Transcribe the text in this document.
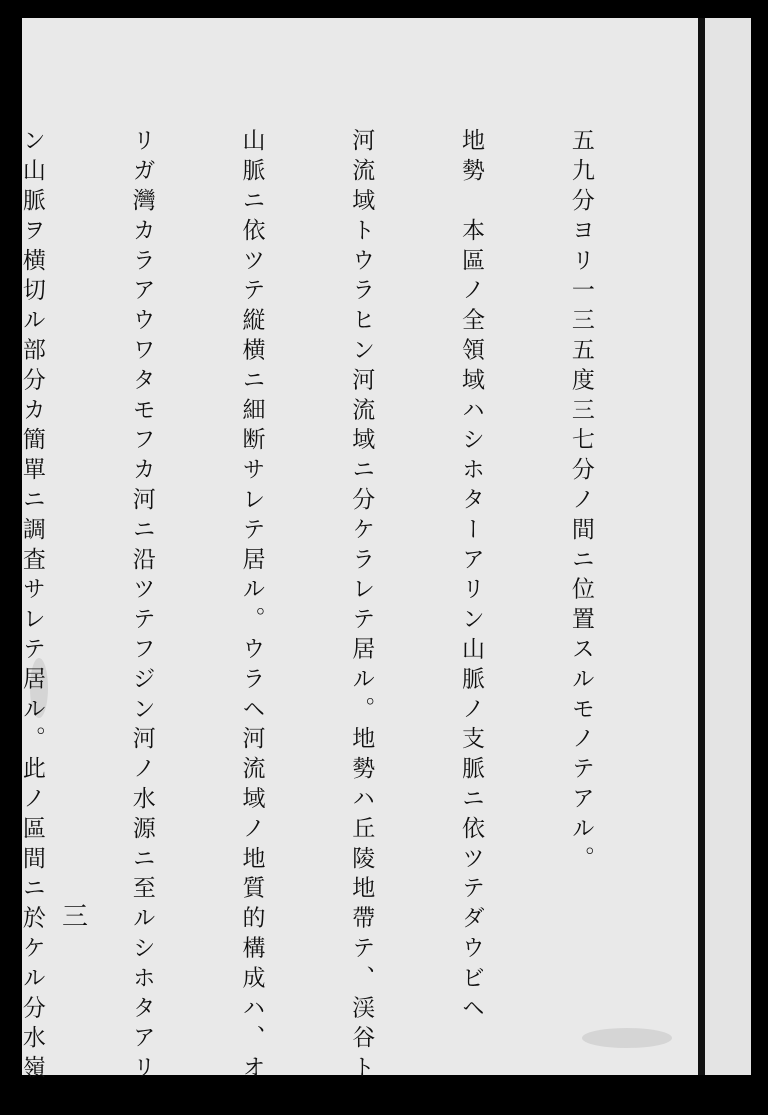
五九分ヨリ一三五度三七分ノ間ニ位置スルモノテアル。

地勢　本區ノ全領域ハシホターアリン山脈ノ支脈ニ依ツテダウビヘ

河流域トウラヒン河流域ニ分ケラレテ居ル。地勢ハ丘陵地帶テ、渓谷ト

山脈ニ依ツテ縦横ニ細断サレテ居ル。ウラヘ河流域ノ地質的構成ハ、オ

リガ灣カラアウワタモフカ河ニ沿ツテフジン河ノ水源ニ至ルシホタアリ

ン山脈ヲ横切ル部分カ簡單ニ調査サレテ居ル。此ノ區間ニ於ケル分水嶺

三
